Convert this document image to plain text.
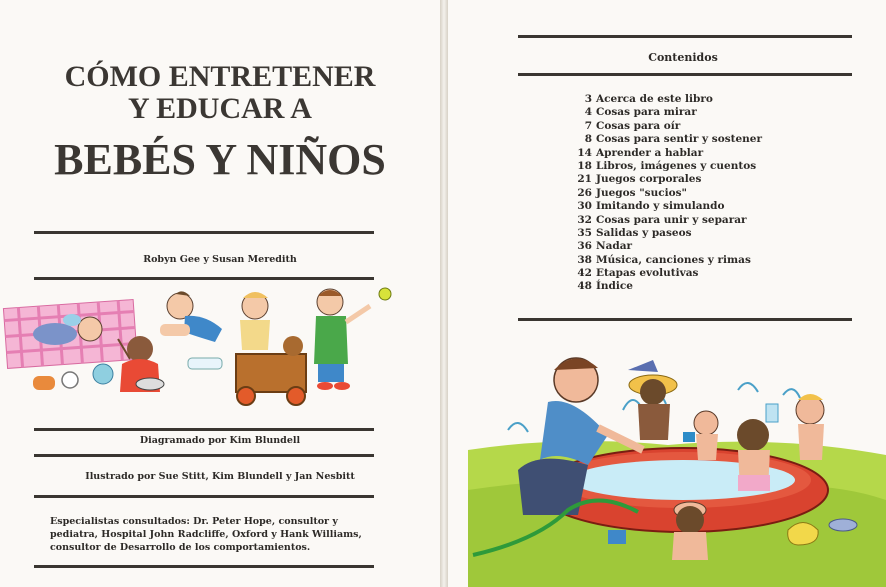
CÓMO ENTRETENER
Y EDUCAR A
BEBÉS Y NIÑOS
Robyn Gee y Susan Meredith
Diagramado por Kim Blundell
Ilustrado por Sue Stitt, Kim Blundell y Jan Nesbitt
Especialistas consultados: Dr. Peter Hope, consultor y pediatra, Hospital John Radcliffe, Oxford y Hank Williams, consultor de Desarrollo de los comportamientos.
Contenidos
3 Acerca de este libro
4 Cosas para mirar
7 Cosas para oír
8 Cosas para sentir y sostener
14 Aprender a hablar
18 Libros, imágenes y cuentos
21 Juegos corporales
26 Juegos "sucios"
30 Imitando y simulando
32 Cosas para unir y separar
35 Salidas y paseos
36 Nadar
38 Música, canciones y rimas
42 Etapas evolutivas
48 Índice
